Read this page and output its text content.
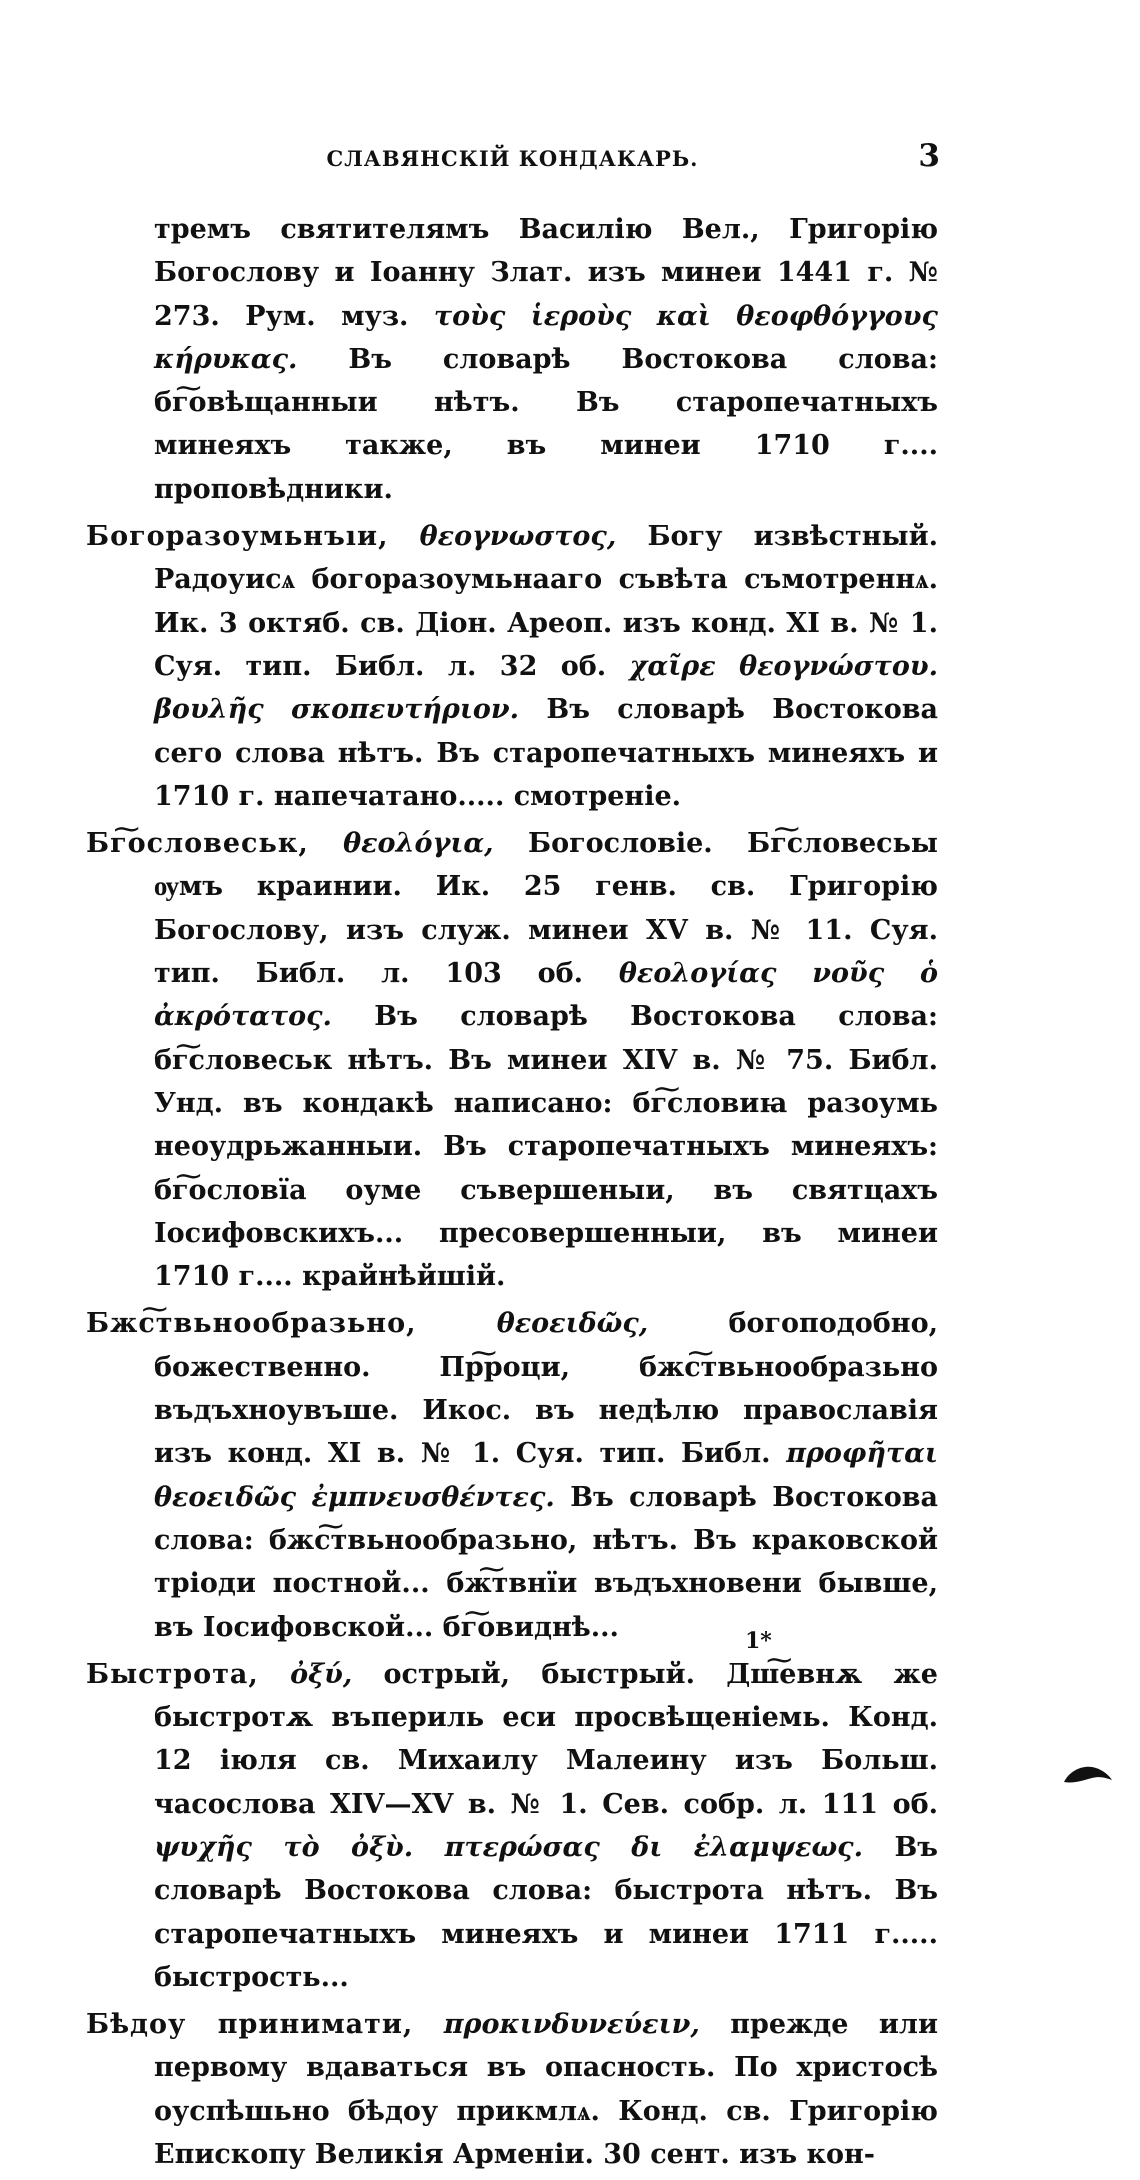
СЛАВЯНСКІЙ КОНДАКАРЬ.	3

тремъ святителямъ Василію Вел., Григорію Богослову и Іоанну Злат. изъ минеи 1441 г. № 273. Рум. муз. τοὺς ἱεροὺς καὶ θεοφθόγγους κήρυκας. Въ словарѣ Востокова слова: бг͠овѣщанныи нѣтъ. Въ старопечатныхъ минеяхъ также, въ минеи 1710 г.... проповѣдники.

Богоразоумьнъıи, θεογνωστος, Богу извѣстный. Радоуисѧ богоразоумьнааго съвѣта съмотреннѧ. Ик. 3 октяб. св. Діон. Ареоп. изъ конд. XI в. № 1. Суя. тип. Библ. л. 32 об. χαῖρε θεογνώστου. βουλῆς σκοπευτήριον. Въ словарѣ Востокова сего слова нѣтъ. Въ старопечатныхъ минеяхъ и 1710 г. напечатано..... смотреніе.

Бг͠ословеськ, θεολόγια, Богословіе. Бг͠словесьы ѹмъ краинии. Ик. 25 генв. св. Григорію Богослову, изъ служ. минеи XV в. № 11. Суя. тип. Библ. л. 103 об. θεολογίας νοῦς ὁ ἀκρότατος. Въ словарѣ Востокова слова: бг͠словеськ нѣтъ. Въ минеи XIV в. № 75. Библ. Унд. въ кондакѣ написано: бг͠словиꙗ разоумь неоудрьжанныи. Въ старопечатныхъ минеяхъ: бг͠ословїа оуме съвершеныи, въ святцахъ Іосифовскихъ... пресовершенныи, въ минеи 1710 г.... крайнѣйшій.

Бжс͠твьнообразьно, θεοειδῶς, богоподобно, божественно. Пр͠роци, бжс͠твьнообразьно въдъхноувъше. Икос. въ недѣлю православія изъ конд. XI в. № 1. Суя. тип. Библ. προφῆται θεοειδῶς ἐμπνευσθέντες. Въ словарѣ Востокова слова: бжс͠твьнообразьно, нѣтъ. Въ краковской тріоди постной... бж͠твнїи въдъхновени бывше, въ Іосифовской... бг͠овиднѣ...

Быстрота, ὀξύ, острый, быстрый. Дш͠евнѫ же быстротѫ въпериль еси просвѣщеніемь. Конд. 12 іюля св. Михаилу Малеину изъ Больш. часослова XIV—XV в. № 1. Сев. собр. л. 111 об. ψυχῆς τὸ ὀξὺ. πτερώσας δι ἐλαμψεως. Въ словарѣ Востокова слова: быстрота нѣтъ. Въ старопечатныхъ минеяхъ и минеи 1711 г..... быстрость...

Бѣдоу принимати, προκινδυνεύειν, прежде или первому вдаваться въ опасность. По христосѣ оуспѣшьно бѣдоу прикмлѧ. Конд. св. Григорію Епископу Великія Арменіи. 30 сент. изъ кон-

1*
